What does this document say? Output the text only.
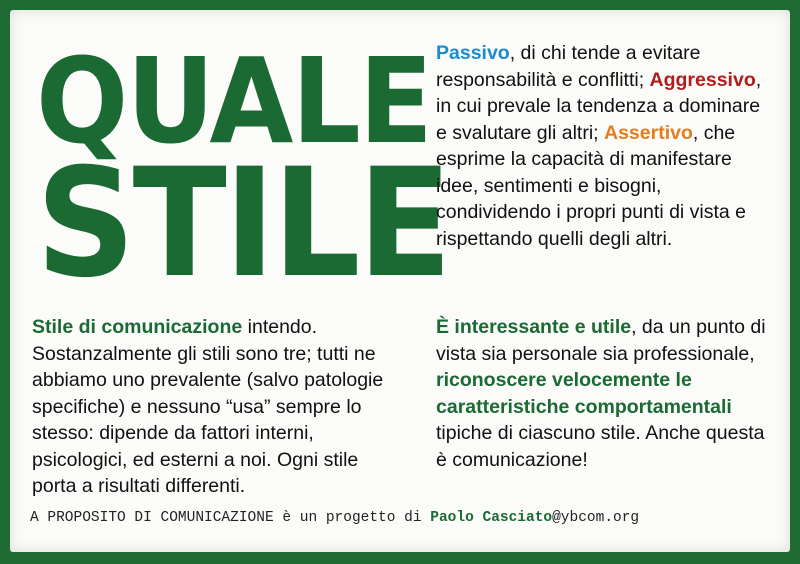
QUALE
STILE
Passivo, di chi tende a evitare responsabilità e conflitti; Aggressivo, in cui prevale la tendenza a dominare e svalutare gli altri; Assertivo, che esprime la capacità di manifestare idee, sentimenti e bisogni, condividendo i propri punti di vista e rispettando quelli degli altri.
Stile di comunicazione intendo. Sostanzalmente gli stili sono tre; tutti ne abbiamo uno prevalente (salvo patologie specifiche) e nessuno “usa” sempre lo stesso: dipende da fattori interni, psicologici, ed esterni a noi. Ogni stile porta a risultati differenti.
È interessante e utile, da un punto di vista sia personale sia professionale, riconoscere velocemente le caratteristiche comportamentali tipiche di ciascuno stile. Anche questa è comunicazione!
A PROPOSITO DI COMUNICAZIONE è un progetto di Paolo Casciato@ybcom.org
